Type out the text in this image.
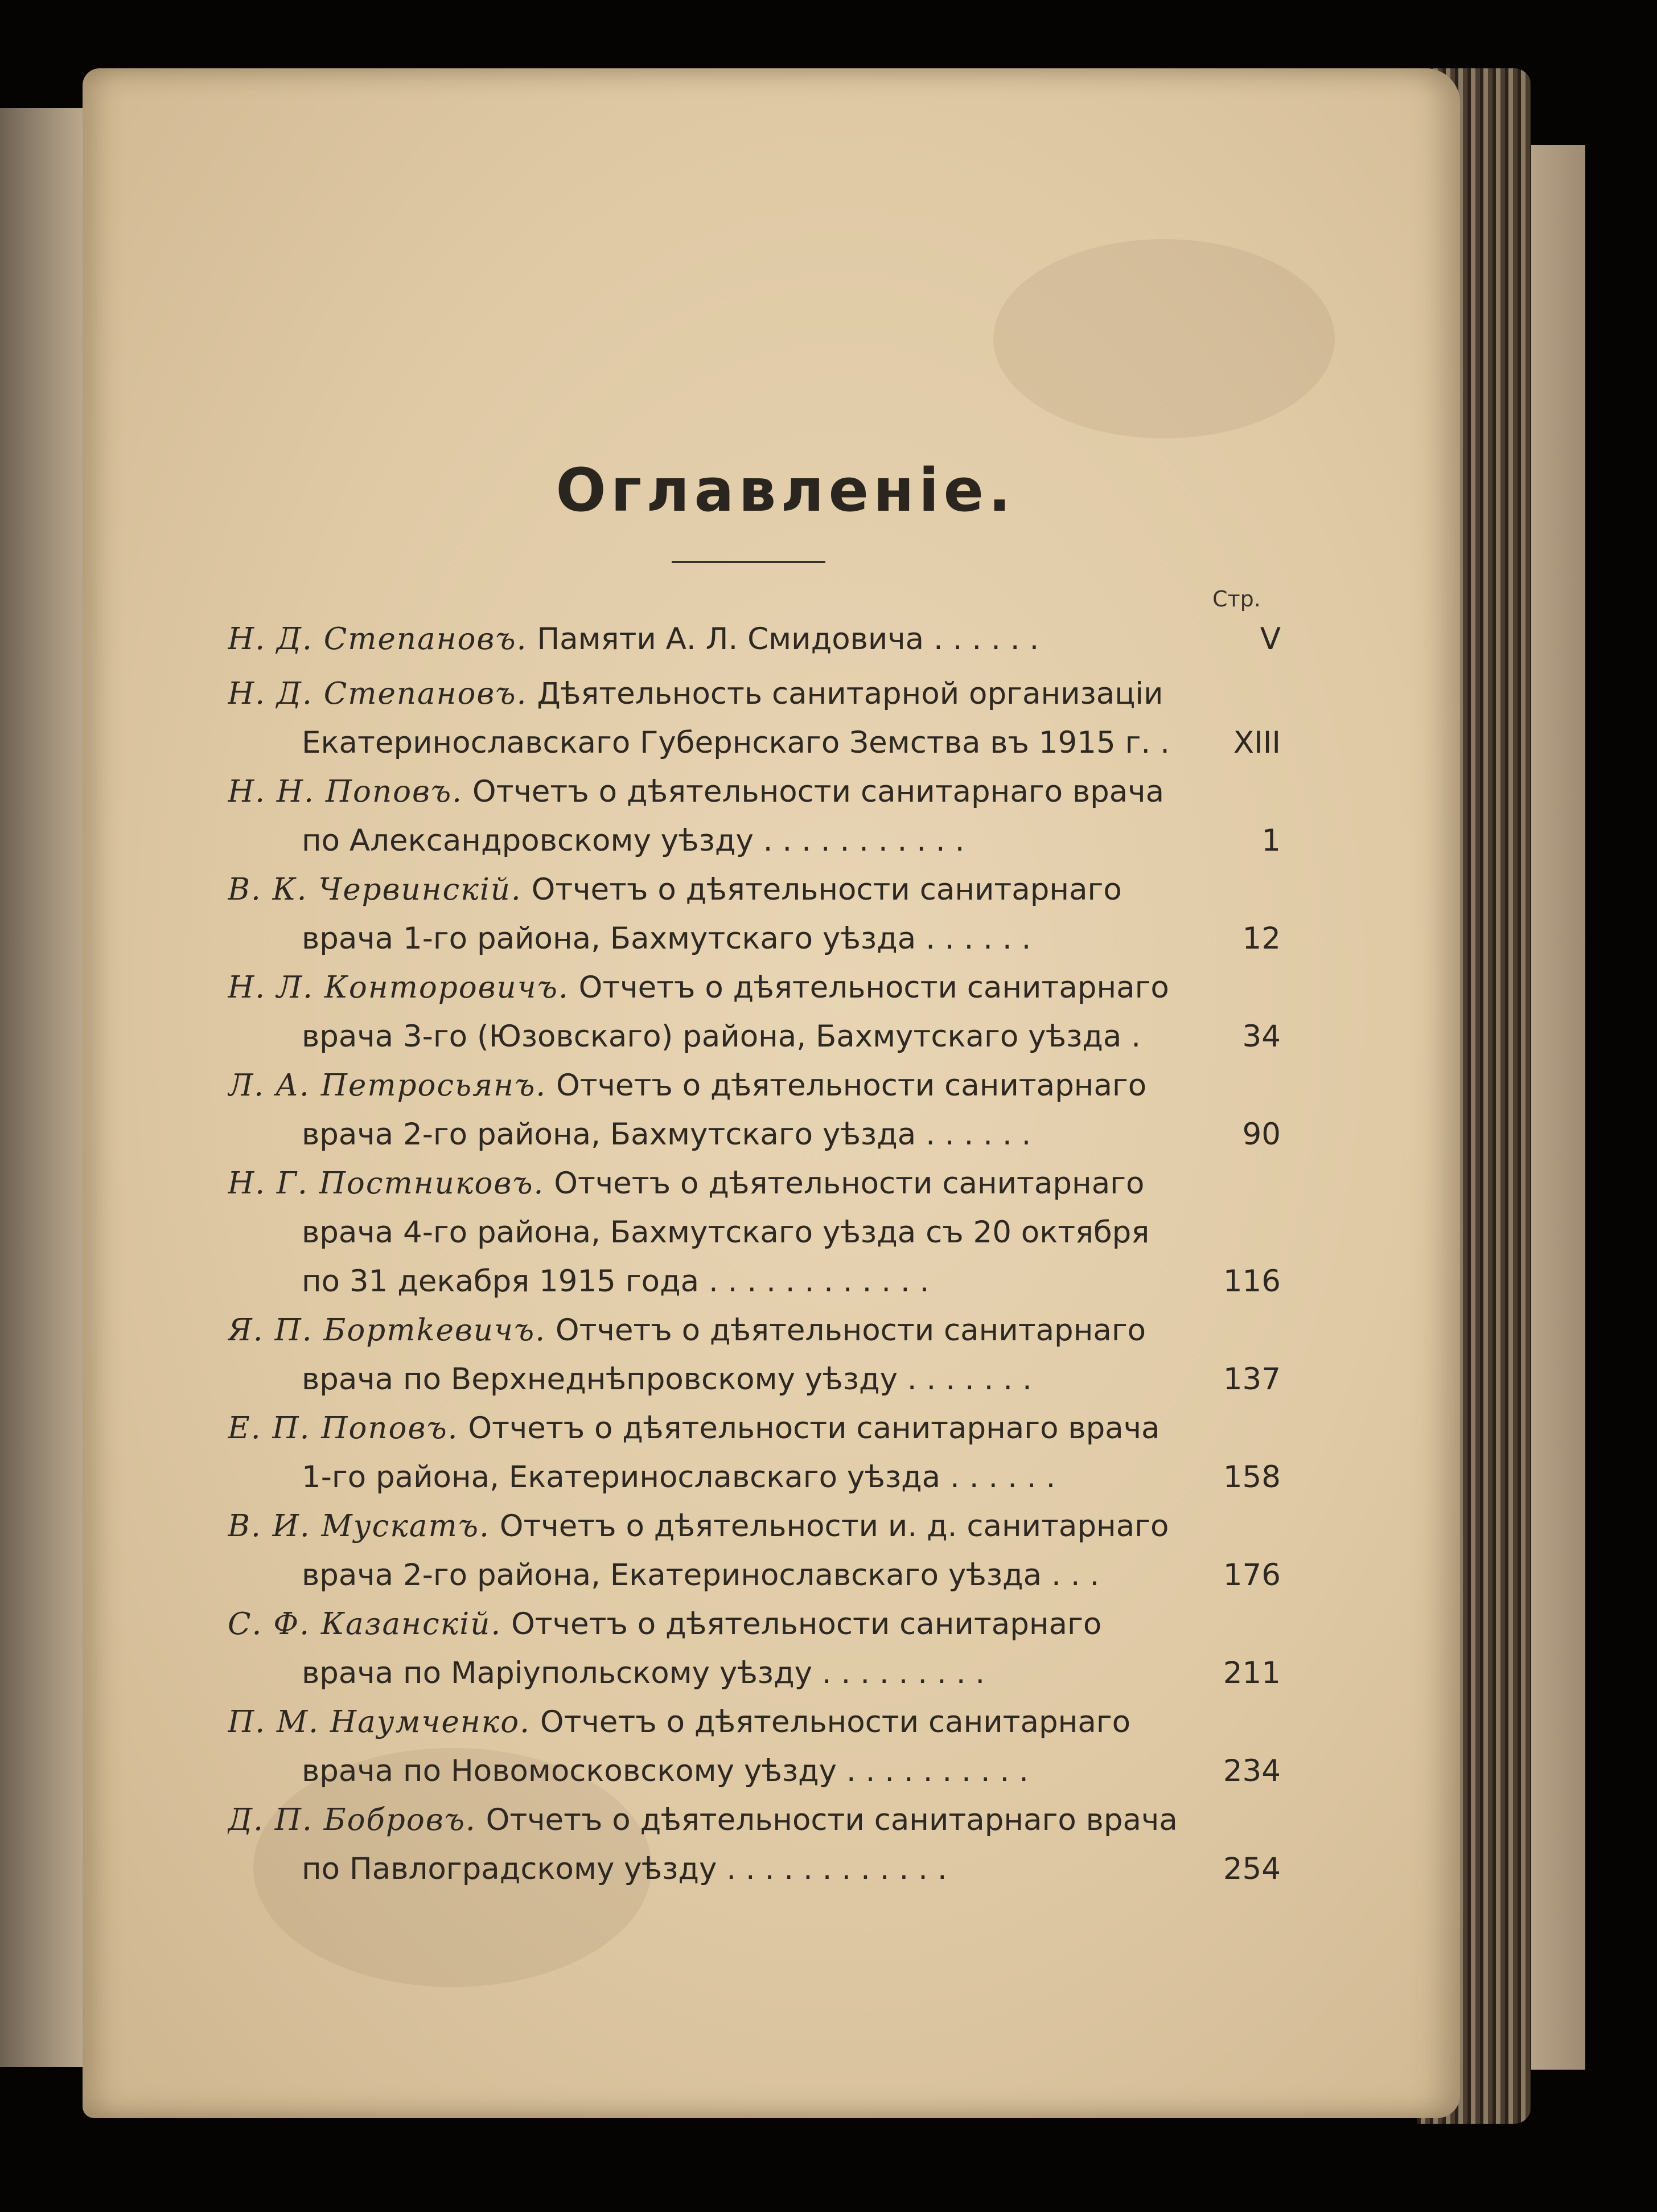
Оглавленіе.
Стр.
Н. Д. Степановъ. Памяти А. Л. Смидовича . . . . . .	V
Н. Д. Степановъ. Дѣятельность санитарной организаціи
Екатеринославскаго Губернскаго Земства въ 1915 г. .	XIII
Н. Н. Поповъ. Отчетъ о дѣятельности санитарнаго врача
по Александровскому уѣзду . . . . . . . . . . .	1
В. К. Червинскій. Отчетъ о дѣятельности санитарнаго
врача 1-го района, Бахмутскаго уѣзда . . . . . .	12
Н. Л. Конторовичъ. Отчетъ о дѣятельности санитарнаго
врача 3-го (Юзовскаго) района, Бахмутскаго уѣзда .	34
Л. А. Петросьянъ. Отчетъ о дѣятельности санитарнаго
врача 2-го района, Бахмутскаго уѣзда . . . . . .	90
Н. Г. Постниковъ. Отчетъ о дѣятельности санитарнаго
врача 4-го района, Бахмутскаго уѣзда съ 20 октября
по 31 декабря 1915 года . . . . . . . . . . . .	116
Я. П. Бортkевичъ. Отчетъ о дѣятельности санитарнаго
врача по Верхнеднѣпровскому уѣзду . . . . . . .	137
Е. П. Поповъ. Отчетъ о дѣятельности санитарнаго врача
1-го района, Екатеринославскаго уѣзда . . . . . .	158
В. И. Мускатъ. Отчетъ о дѣятельности и. д. санитарнаго
врача 2-го района, Екатеринославскаго уѣзда . . .	176
С. Ф. Казанскій. Отчетъ о дѣятельности санитарнаго
врача по Маріупольскому уѣзду . . . . . . . . .	211
П. М. Наумченко. Отчетъ о дѣятельности санитарнаго
врача по Новомосковскому уѣзду . . . . . . . . . .	234
Д. П. Бобровъ. Отчетъ о дѣятельности санитарнаго врача
по Павлоградскому уѣзду . . . . . . . . . . . .	254
